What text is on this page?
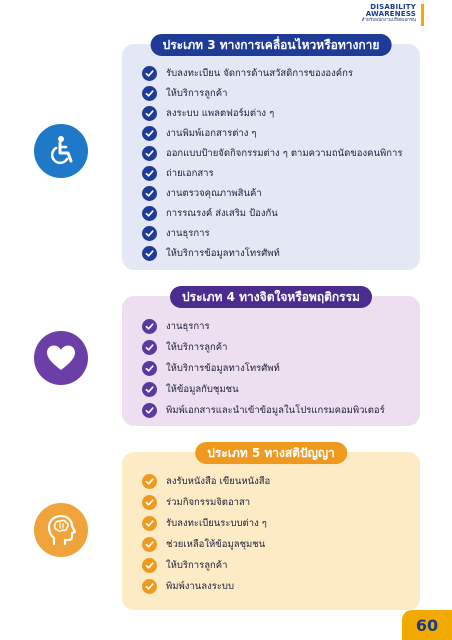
DISABILITY
AWARENESS
สำหรับพนักงานบริษัทเอกชน
ประเภท 3 ทางการเคลื่อนไหวหรือทางกาย
รับลงทะเบียน จัดการด้านสวัสดิการขององค์กร
ให้บริการลูกค้า
ลงระบบ แพลตฟอร์มต่าง ๆ
งานพิมพ์เอกสารต่าง ๆ
ออกแบบป้ายจัดกิจกรรมต่าง ๆ ตามความถนัดของคนพิการ
ถ่ายเอกสาร
งานตรวจคุณภาพสินค้า
การรณรงค์ ส่งเสริม ป้องกัน
งานธุรการ
ให้บริการข้อมูลทางโทรศัพท์
ประเภท 4 ทางจิตใจหรือพฤติกรรม
งานธุรการ
ให้บริการลูกค้า
ให้บริการข้อมูลทางโทรศัพท์
ให้ข้อมูลกับชุมชน
พิมพ์เอกสารและนำเข้าข้อมูลในโปรแกรมคอมพิวเตอร์
ประเภท 5 ทางสติปัญญา
ลงรับหนังสือ เขียนหนังสือ
ร่วมกิจกรรมจิตอาสา
รับลงทะเบียนระบบต่าง ๆ
ช่วยเหลือให้ข้อมูลชุมชน
ให้บริการลูกค้า
พิมพ์งานลงระบบ
60
